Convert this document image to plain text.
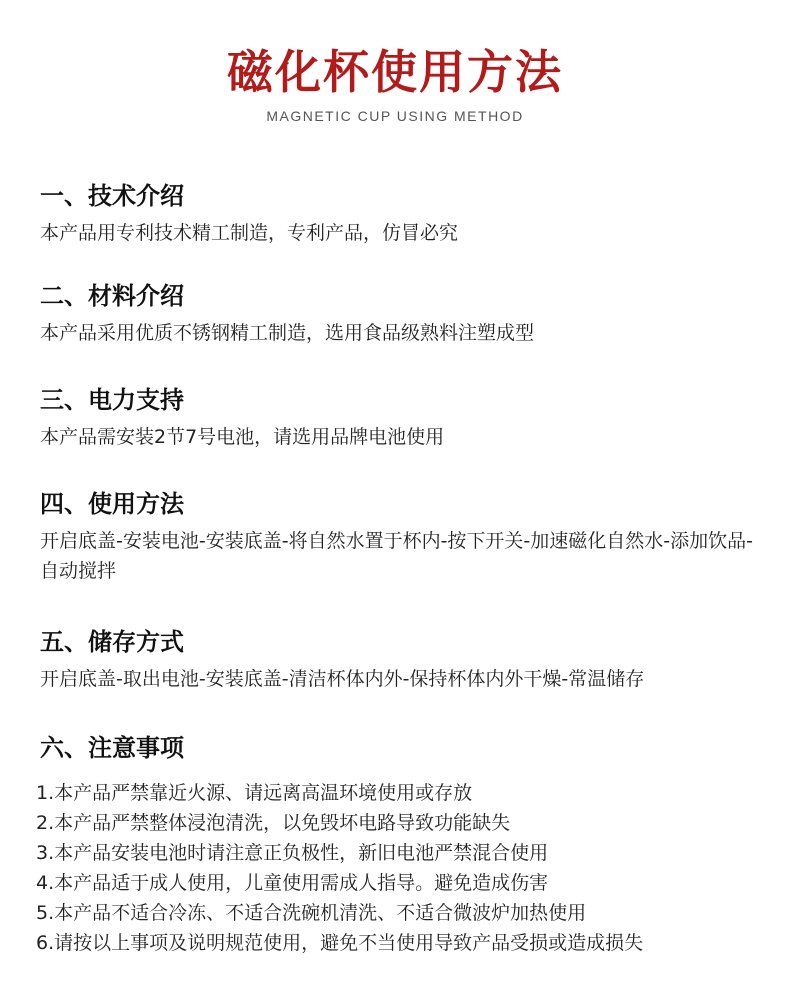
磁化杯使用方法
MAGNETIC CUP USING METHOD
一、技术介绍

本产品用专利技术精工制造，专利产品，仿冒必究

二、材料介绍

本产品采用优质不锈钢精工制造，选用食品级熟料注塑成型

三、电力支持

本产品需安装2节7号电池，请选用品牌电池使用

四、使用方法

开启底盖-安装电池-安装底盖-将自然水置于杯内-按下开关-加速磁化自然水-添加饮品-自动搅拌

五、储存方式

开启底盖-取出电池-安装底盖-清洁杯体内外-保持杯体内外干燥-常温储存

六、注意事项
1.本产品严禁靠近火源、请远离高温环境使用或存放
2.本产品严禁整体浸泡清洗，以免毁坏电路导致功能缺失
3.本产品安装电池时请注意正负极性，新旧电池严禁混合使用
4.本产品适于成人使用，儿童使用需成人指导。避免造成伤害
5.本产品不适合冷冻、不适合洗碗机清洗、不适合微波炉加热使用
6.请按以上事项及说明规范使用，避免不当使用导致产品受损或造成损失
